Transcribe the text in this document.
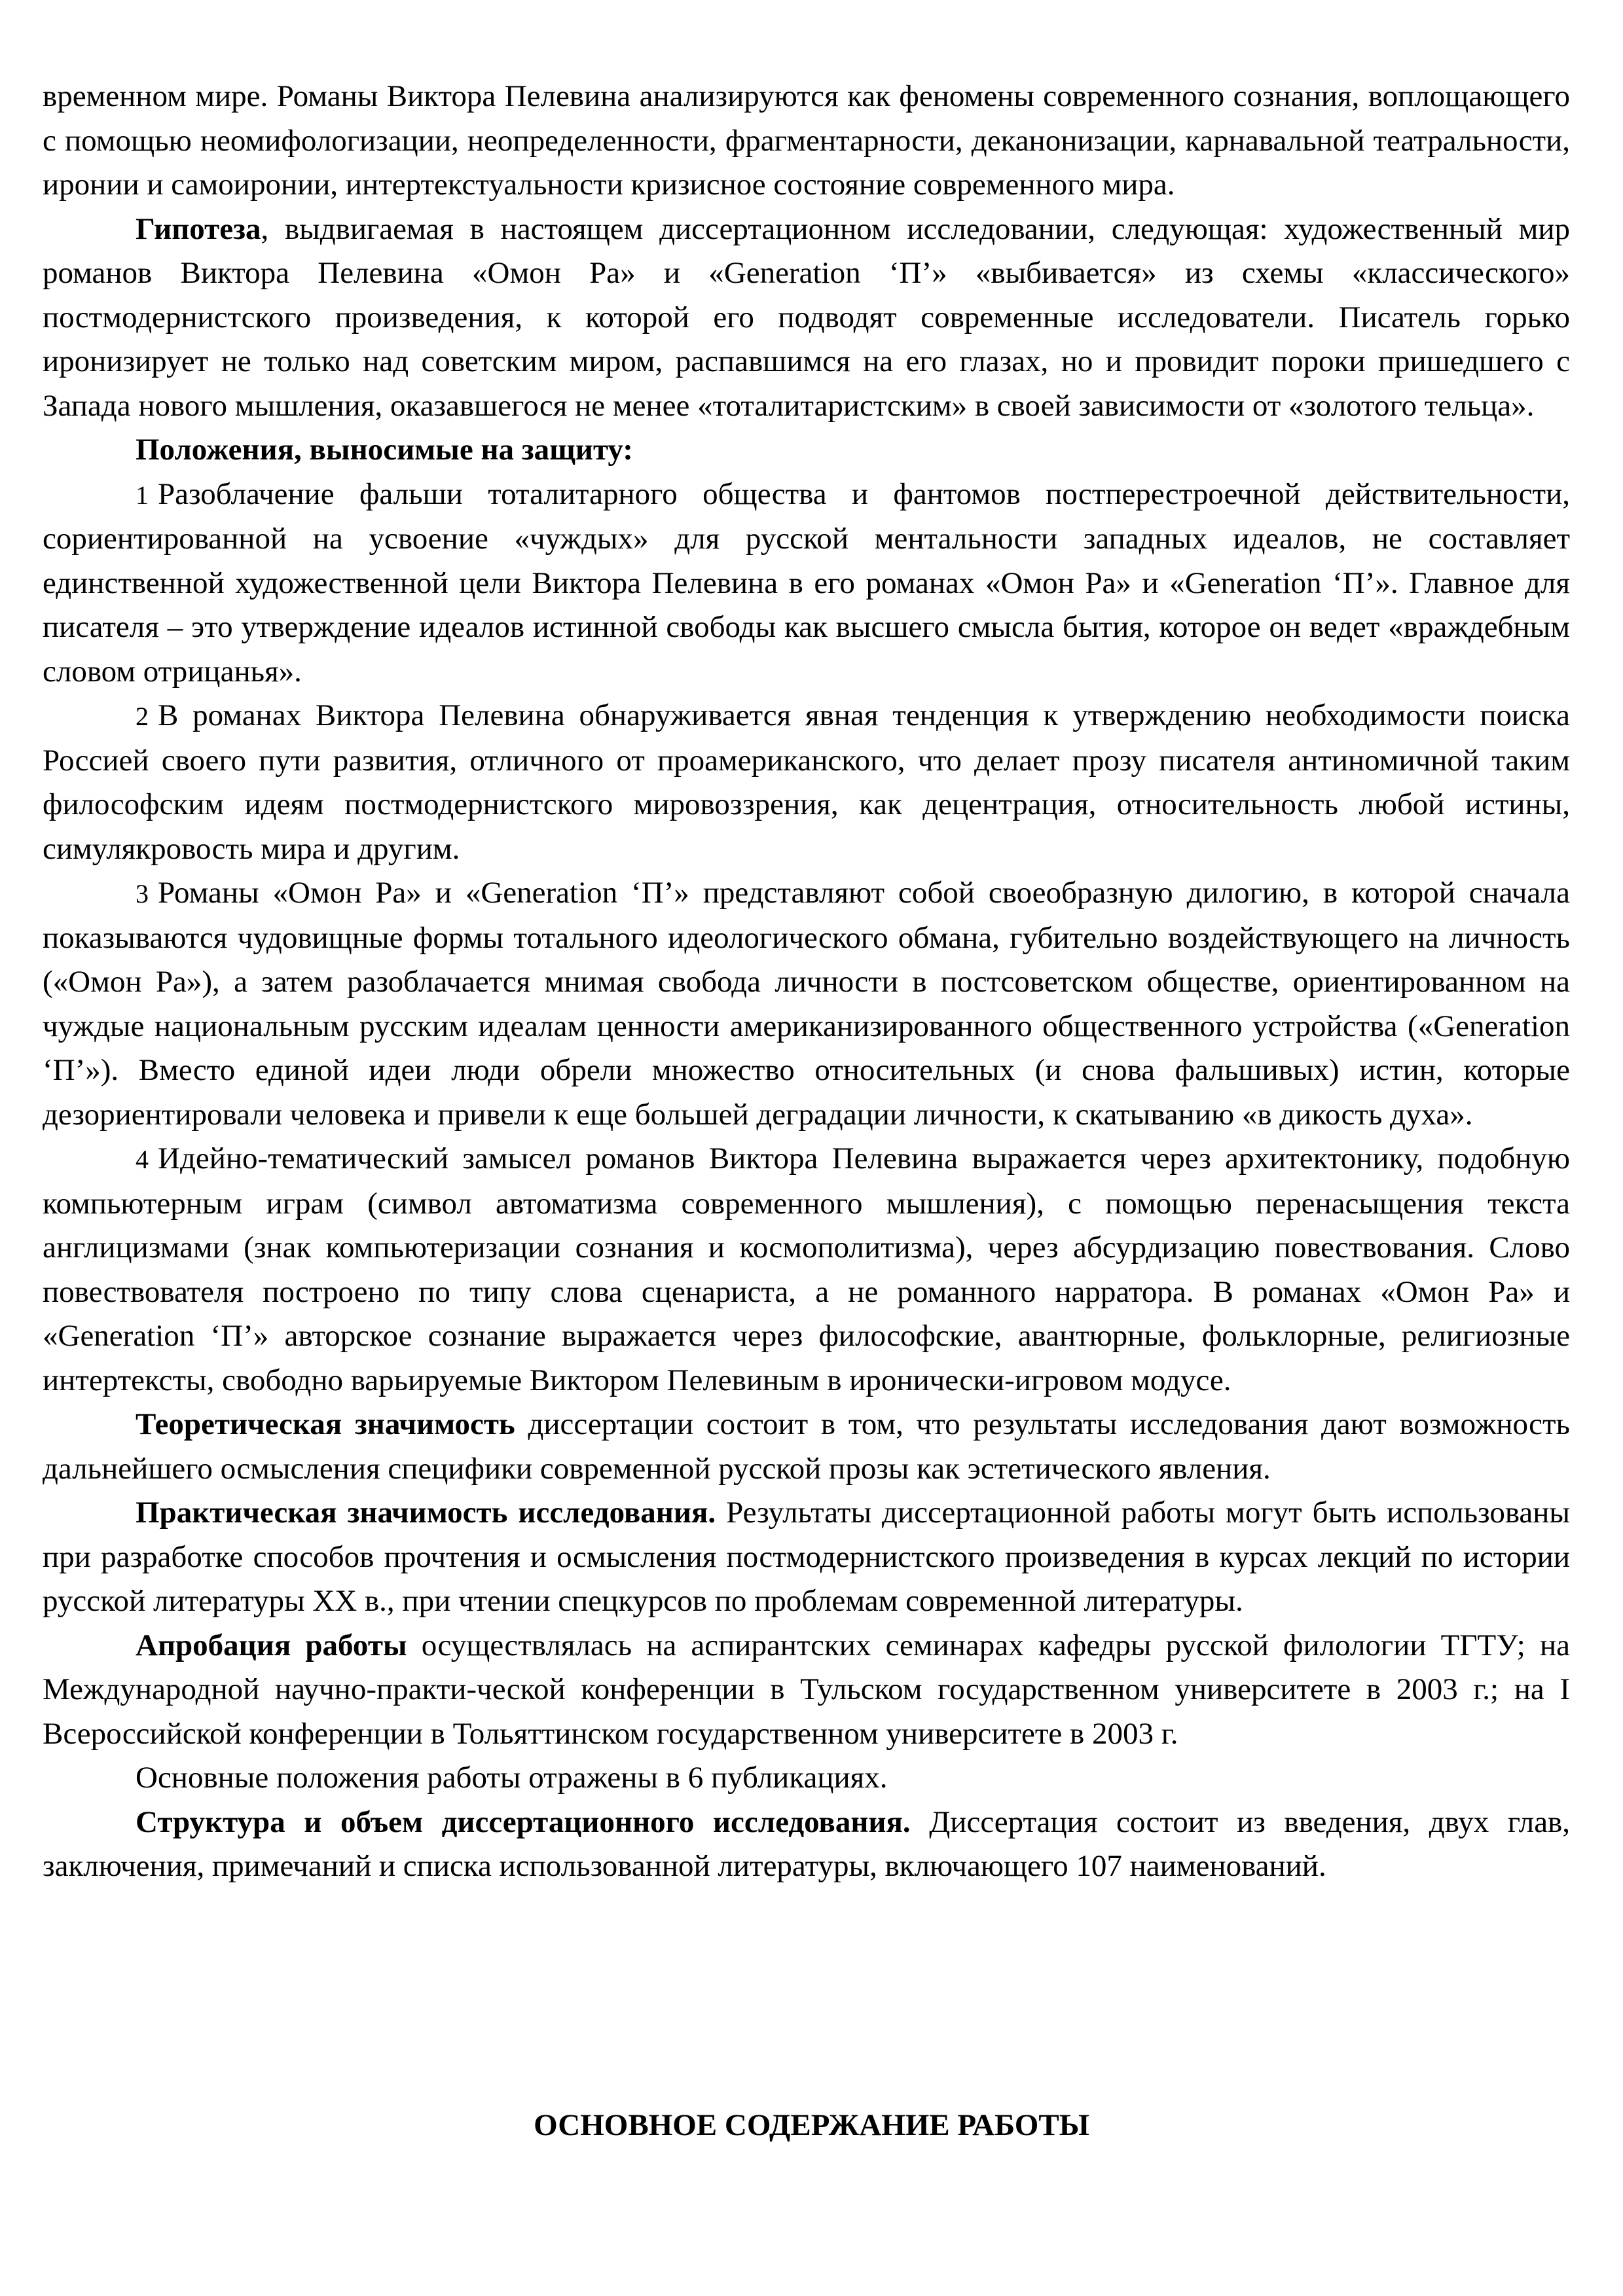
временном мире. Романы Виктора Пелевина анализируются как феномены современного сознания, воплощающего с помощью неомифологизации, неопределенности, фрагментарности, деканонизации, карнавальной театральности, иронии и самоиронии, интертекстуальности кризисное состояние современного мира.

Гипотеза, выдвигаемая в настоящем диссертационном исследовании, следующая: художественный мир романов Виктора Пелевина «Омон Ра» и «Generation ‘П’» «выбивается» из схемы «классического» постмодернистского произведения, к которой его подводят современные исследователи. Писатель горько иронизирует не только над советским миром, распавшимся на его глазах, но и провидит пороки пришедшего с Запада нового мышления, оказавшегося не менее «тоталитаристским» в своей зависимости от «золотого тельца».

Положения, выносимые на защиту:

1 Разоблачение фальши тоталитарного общества и фантомов постперестроечной действительности, сориентированной на усвоение «чуждых» для русской ментальности западных идеалов, не составляет единственной художественной цели Виктора Пелевина в его романах «Омон Ра» и «Generation ‘П’». Главное для писателя – это утверждение идеалов истинной свободы как высшего смысла бытия, которое он ведет «враждебным словом отрицанья».

2 В романах Виктора Пелевина обнаруживается явная тенденция к утверждению необходимости поиска Россией своего пути развития, отличного от проамериканского, что делает прозу писателя антиномичной таким философским идеям постмодернистского мировоззрения, как децентрация, относительность любой истины, симулякровость мира и другим.

3 Романы «Омон Ра» и «Generation ‘П’» представляют собой своеобразную дилогию, в которой сначала показываются чудовищные формы тотального идеологического обмана, губительно воздействующего на личность («Омон Ра»), а затем разоблачается мнимая свобода личности в постсоветском обществе, ориентированном на чуждые национальным русским идеалам ценности американизированного общественного устройства («Generation ‘П’»). Вместо единой идеи люди обрели множество относительных (и снова фальшивых) истин, которые дезориентировали человека и привели к еще большей деградации личности, к скатыванию «в дикость духа».

4 Идейно-тематический замысел романов Виктора Пелевина выражается через архитектонику, подобную компьютерным играм (символ автоматизма современного мышления), с помощью перенасыщения текста англицизмами (знак компьютеризации сознания и космополитизма), через абсурдизацию повествования. Слово повествователя построено по типу слова сценариста, а не романного нарратора. В романах «Омон Ра» и «Generation ‘П’» авторское сознание выражается через философские, авантюрные, фольклорные, религиозные интертексты, свободно варьируемые Виктором Пелевиным в иронически-игровом модусе.

Теоретическая значимость диссертации состоит в том, что результаты исследования дают возможность дальнейшего осмысления специфики современной русской прозы как эстетического явления.

Практическая значимость исследования. Результаты диссертационной работы могут быть использованы при разработке способов прочтения и осмысления постмодернистского произведения в курсах лекций по истории русской литературы XX в., при чтении спецкурсов по проблемам современной литературы.

Апробация работы осуществлялась на аспирантских семинарах кафедры русской филологии ТГТУ; на Международной научно-практи-ческой конференции в Тульском государственном университете в 2003 г.; на I Всероссийской конференции в Тольяттинском государственном университете в 2003 г.

Основные положения работы отражены в 6 публикациях.

Структура и объем диссертационного исследования. Диссертация состоит из введения, двух глав, заключения, примечаний и списка использованной литературы, включающего 107 наименований.

ОСНОВНОЕ СОДЕРЖАНИЕ РАБОТЫ
